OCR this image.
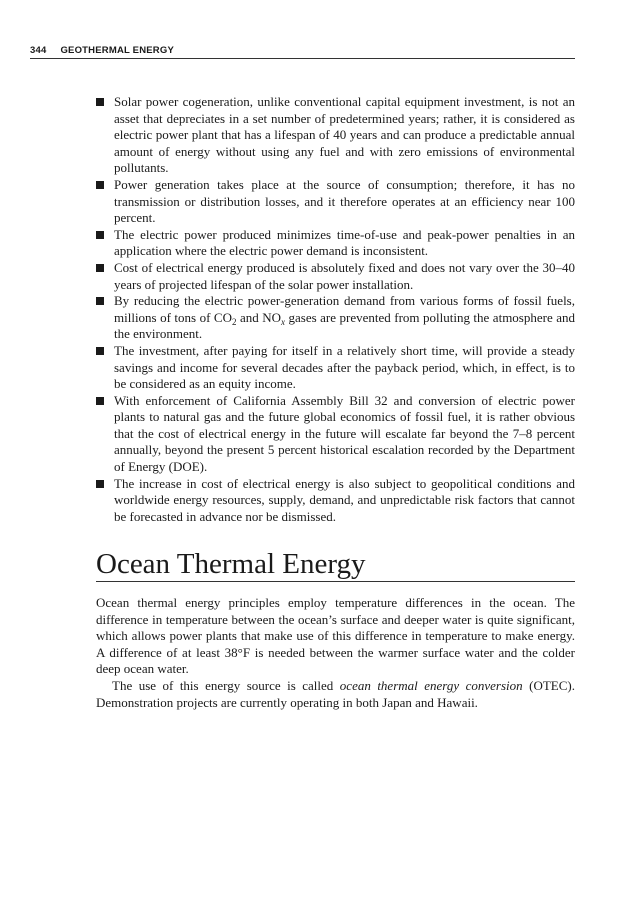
344 GEOTHERMAL ENERGY
Solar power cogeneration, unlike conventional capital equipment investment, is not an asset that depreciates in a set number of predetermined years; rather, it is considered as electric power plant that has a lifespan of 40 years and can produce a predictable annual amount of energy without using any fuel and with zero emissions of environmental pollutants.
Power generation takes place at the source of consumption; therefore, it has no transmission or distribution losses, and it therefore operates at an efficiency near 100 percent.
The electric power produced minimizes time-of-use and peak-power penalties in an application where the electric power demand is inconsistent.
Cost of electrical energy produced is absolutely fixed and does not vary over the 30–40 years of projected lifespan of the solar power installation.
By reducing the electric power-generation demand from various forms of fossil fuels, millions of tons of $CO_2$ and $NO_x$ gases are prevented from polluting the atmosphere and the environment.
The investment, after paying for itself in a relatively short time, will provide a steady savings and income for several decades after the payback period, which, in effect, is to be considered as an equity income.
With enforcement of California Assembly Bill 32 and conversion of electric power plants to natural gas and the future global economics of fossil fuel, it is rather obvious that the cost of electrical energy in the future will escalate far beyond the 7–8 percent annually, beyond the present 5 percent historical escalation recorded by the Department of Energy (DOE).
The increase in cost of electrical energy is also subject to geopolitical conditions and worldwide energy resources, supply, demand, and unpredictable risk factors that cannot be forecasted in advance nor be dismissed.
Ocean Thermal Energy

Ocean thermal energy principles employ temperature differences in the ocean. The difference in temperature between the ocean’s surface and deeper water is quite significant, which allows power plants that make use of this difference in temperature to make energy. A difference of at least 38°F is needed between the warmer surface water and the colder deep ocean water.

The use of this energy source is called ocean thermal energy conversion (OTEC). Demonstration projects are currently operating in both Japan and Hawaii.
